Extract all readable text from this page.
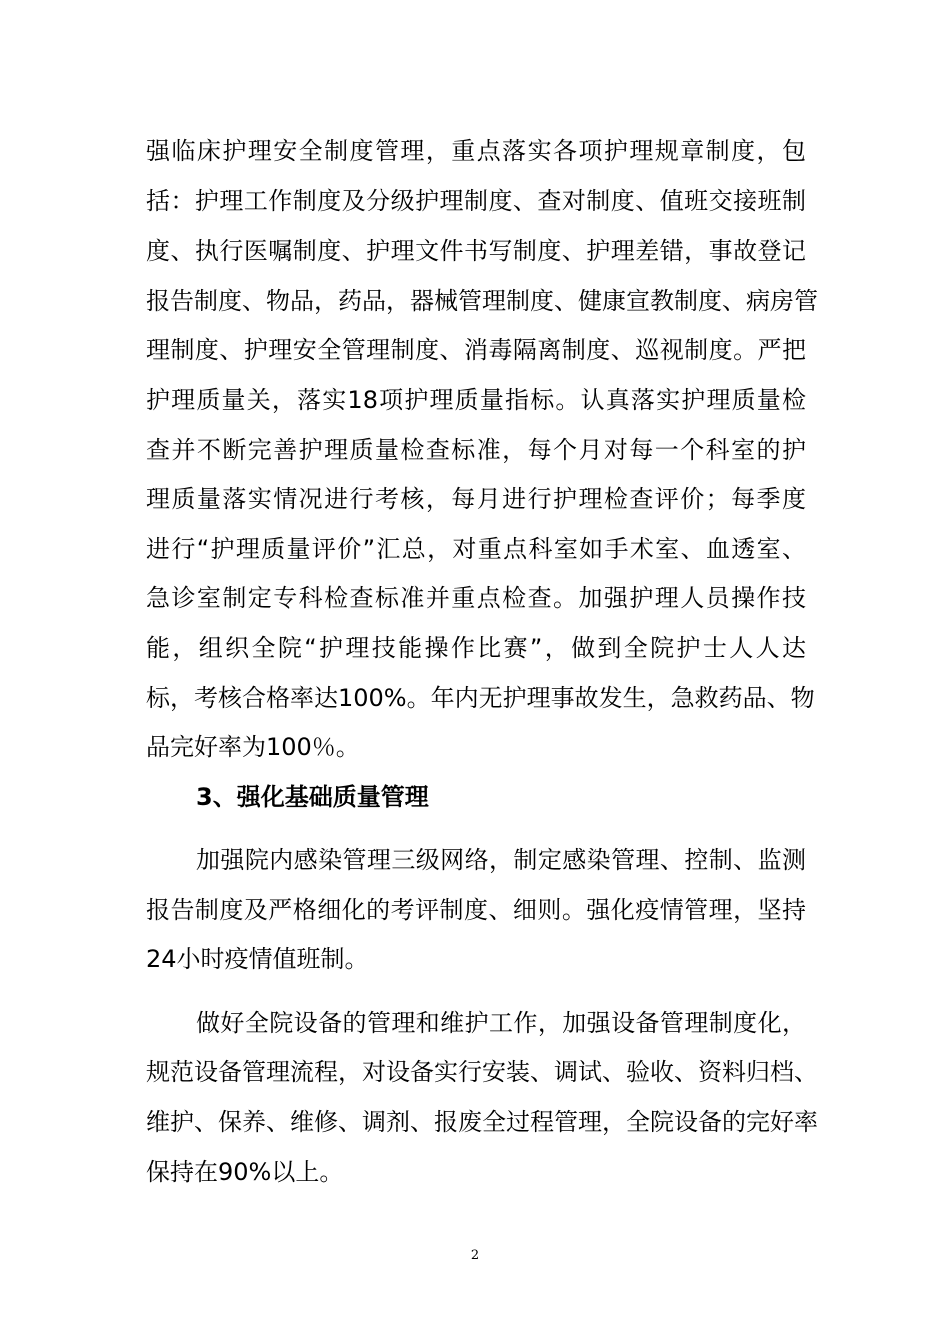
强临床护理安全制度管理，重点落实各项护理规章制度，包
括：护理工作制度及分级护理制度、查对制度、值班交接班制
度、执行医嘱制度、护理文件书写制度、护理差错，事故登记
报告制度、物品，药品，器械管理制度、健康宣教制度、病房管
理制度、护理安全管理制度、消毒隔离制度、巡视制度。严把
护理质量关，落实18项护理质量指标。认真落实护理质量检
查并不断完善护理质量检查标准，每个月对每一个科室的护
理质量落实情况进行考核，每月进行护理检查评价；每季度
进行“护理质量评价”汇总，对重点科室如手术室、血透室、
急诊室制定专科检查标准并重点检查。加强护理人员操作技
能，组织全院“护理技能操作比赛”，做到全院护士人人达
标，考核合格率达100%。年内无护理事故发生，急救药品、物
品完好率为100％。
3、强化基础质量管理
加强院内感染管理三级网络，制定感染管理、控制、监测
报告制度及严格细化的考评制度、细则。强化疫情管理，坚持
24小时疫情值班制。
做好全院设备的管理和维护工作，加强设备管理制度化，
规范设备管理流程，对设备实行安装、调试、验收、资料归档、
维护、保养、维修、调剂、报废全过程管理，全院设备的完好率
保持在90%以上。
2
